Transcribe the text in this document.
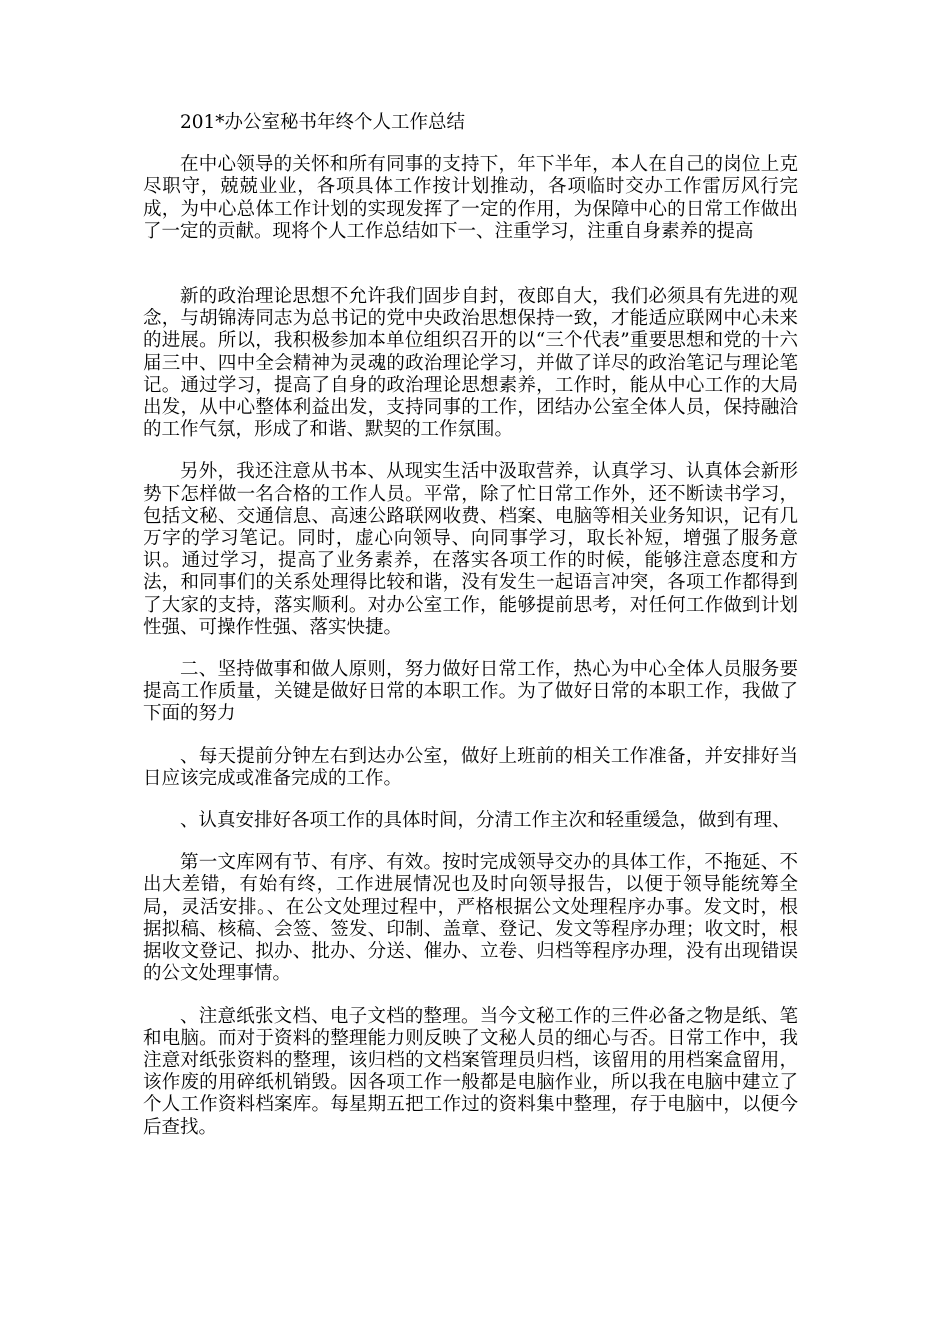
201*办公室秘书年终个人工作总结

在中心领导的关怀和所有同事的支持下，年下半年，本人在自己的岗位上克尽职守，兢兢业业，各项具体工作按计划推动，各项临时交办工作雷厉风行完成，为中心总体工作计划的实现发挥了一定的作用，为保障中心的日常工作做出了一定的贡献。现将个人工作总结如下一、注重学习，注重自身素养的提高

新的政治理论思想不允许我们固步自封，夜郎自大，我们必须具有先进的观念，与胡锦涛同志为总书记的党中央政治思想保持一致，才能适应联网中心未来的进展。所以，我积极参加本单位组织召开的以“三个代表”重要思想和党的十六届三中、四中全会精神为灵魂的政治理论学习，并做了详尽的政治笔记与理论笔记。通过学习，提高了自身的政治理论思想素养，工作时，能从中心工作的大局出发，从中心整体利益出发，支持同事的工作，团结办公室全体人员，保持融洽的工作气氛，形成了和谐、默契的工作氛围。

另外，我还注意从书本、从现实生活中汲取营养，认真学习、认真体会新形势下怎样做一名合格的工作人员。平常，除了忙日常工作外，还不断读书学习，包括文秘、交通信息、高速公路联网收费、档案、电脑等相关业务知识，记有几万字的学习笔记。同时，虚心向领导、向同事学习，取长补短，增强了服务意识。通过学习，提高了业务素养，在落实各项工作的时候，能够注意态度和方法，和同事们的关系处理得比较和谐，没有发生一起语言冲突，各项工作都得到了大家的支持，落实顺利。对办公室工作，能够提前思考，对任何工作做到计划性强、可操作性强、落实快捷。

二、坚持做事和做人原则，努力做好日常工作，热心为中心全体人员服务要提高工作质量，关键是做好日常的本职工作。为了做好日常的本职工作，我做了下面的努力

、每天提前分钟左右到达办公室，做好上班前的相关工作准备，并安排好当日应该完成或准备完成的工作。

、认真安排好各项工作的具体时间，分清工作主次和轻重缓急，做到有理、

第一文库网有节、有序、有效。按时完成领导交办的具体工作，不拖延、不出大差错，有始有终，工作进展情况也及时向领导报告，以便于领导能统筹全局，灵活安排。、在公文处理过程中，严格根据公文处理程序办事。发文时，根据拟稿、核稿、会签、签发、印制、盖章、登记、发文等程序办理；收文时，根据收文登记、拟办、批办、分送、催办、立卷、归档等程序办理，没有出现错误的公文处理事情。

、注意纸张文档、电子文档的整理。当今文秘工作的三件必备之物是纸、笔和电脑。而对于资料的整理能力则反映了文秘人员的细心与否。日常工作中，我注意对纸张资料的整理，该归档的文档案管理员归档，该留用的用档案盒留用，该作废的用碎纸机销毁。因各项工作一般都是电脑作业，所以我在电脑中建立了个人工作资料档案库。每星期五把工作过的资料集中整理，存于电脑中，以便今后查找。
